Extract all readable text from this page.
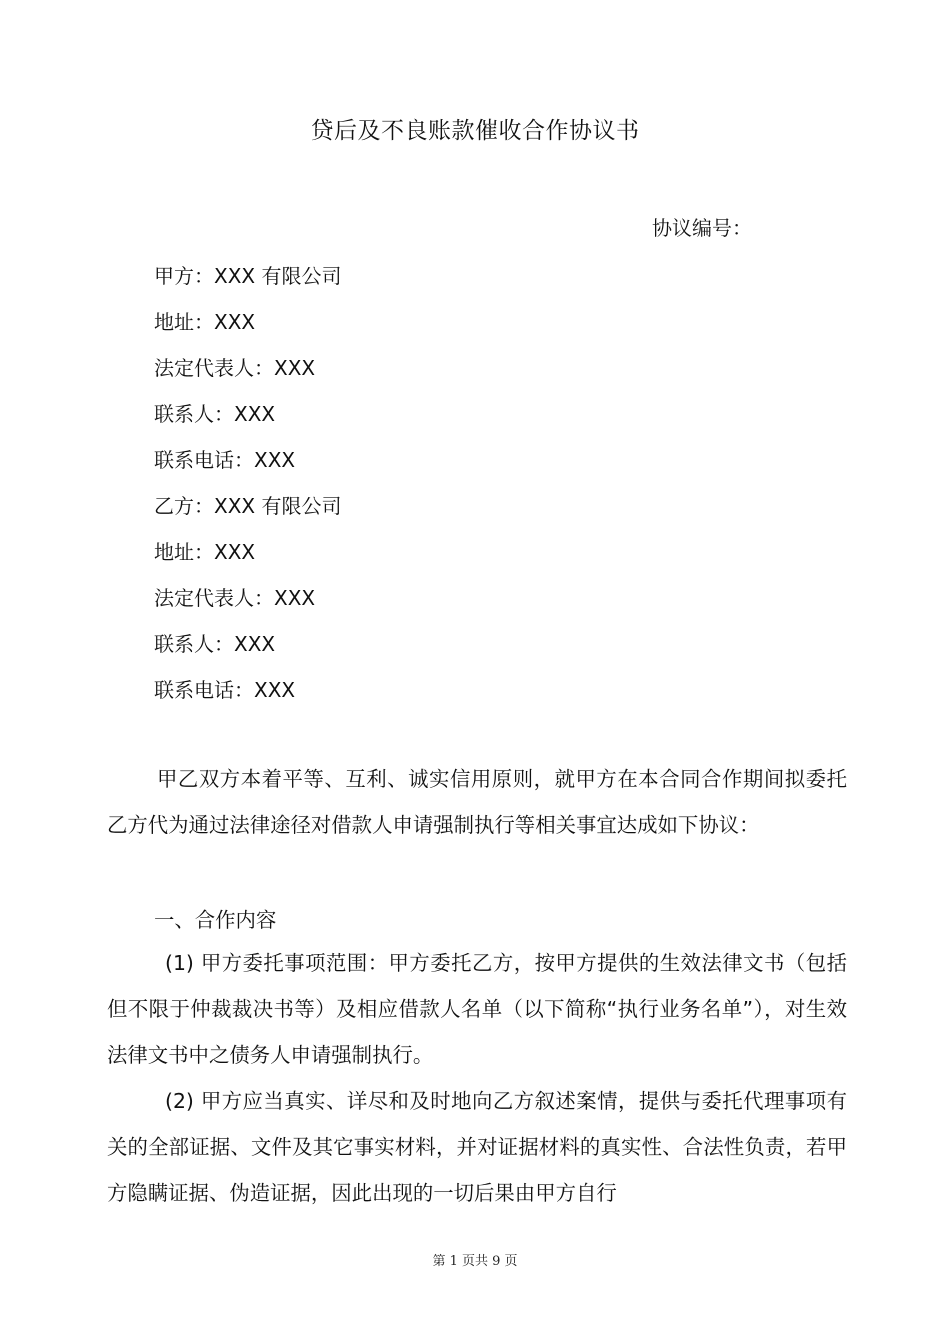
贷后及不良账款催收合作协议书
协议编号：
甲方：XXX 有限公司
地址：XXX
法定代表人：XXX
联系人：XXX
联系电话：XXX
乙方：XXX 有限公司
地址：XXX
法定代表人：XXX
联系人：XXX
联系电话：XXX

甲乙双方本着平等、互利、诚实信用原则，就甲方在本合同合作期间拟委托乙方代为通过法律途径对借款人申请强制执行等相关事宜达成如下协议：

一、合作内容

(1) 甲方委托事项范围：甲方委托乙方，按甲方提供的生效法律文书（包括但不限于仲裁裁决书等）及相应借款人名单（以下简称“执行业务名单”），对生效法律文书中之债务人申请强制执行。

(2) 甲方应当真实、详尽和及时地向乙方叙述案情，提供与委托代理事项有关的全部证据、文件及其它事实材料，并对证据材料的真实性、合法性负责，若甲方隐瞒证据、伪造证据，因此出现的一切后果由甲方自行

第 1 页共 9 页
